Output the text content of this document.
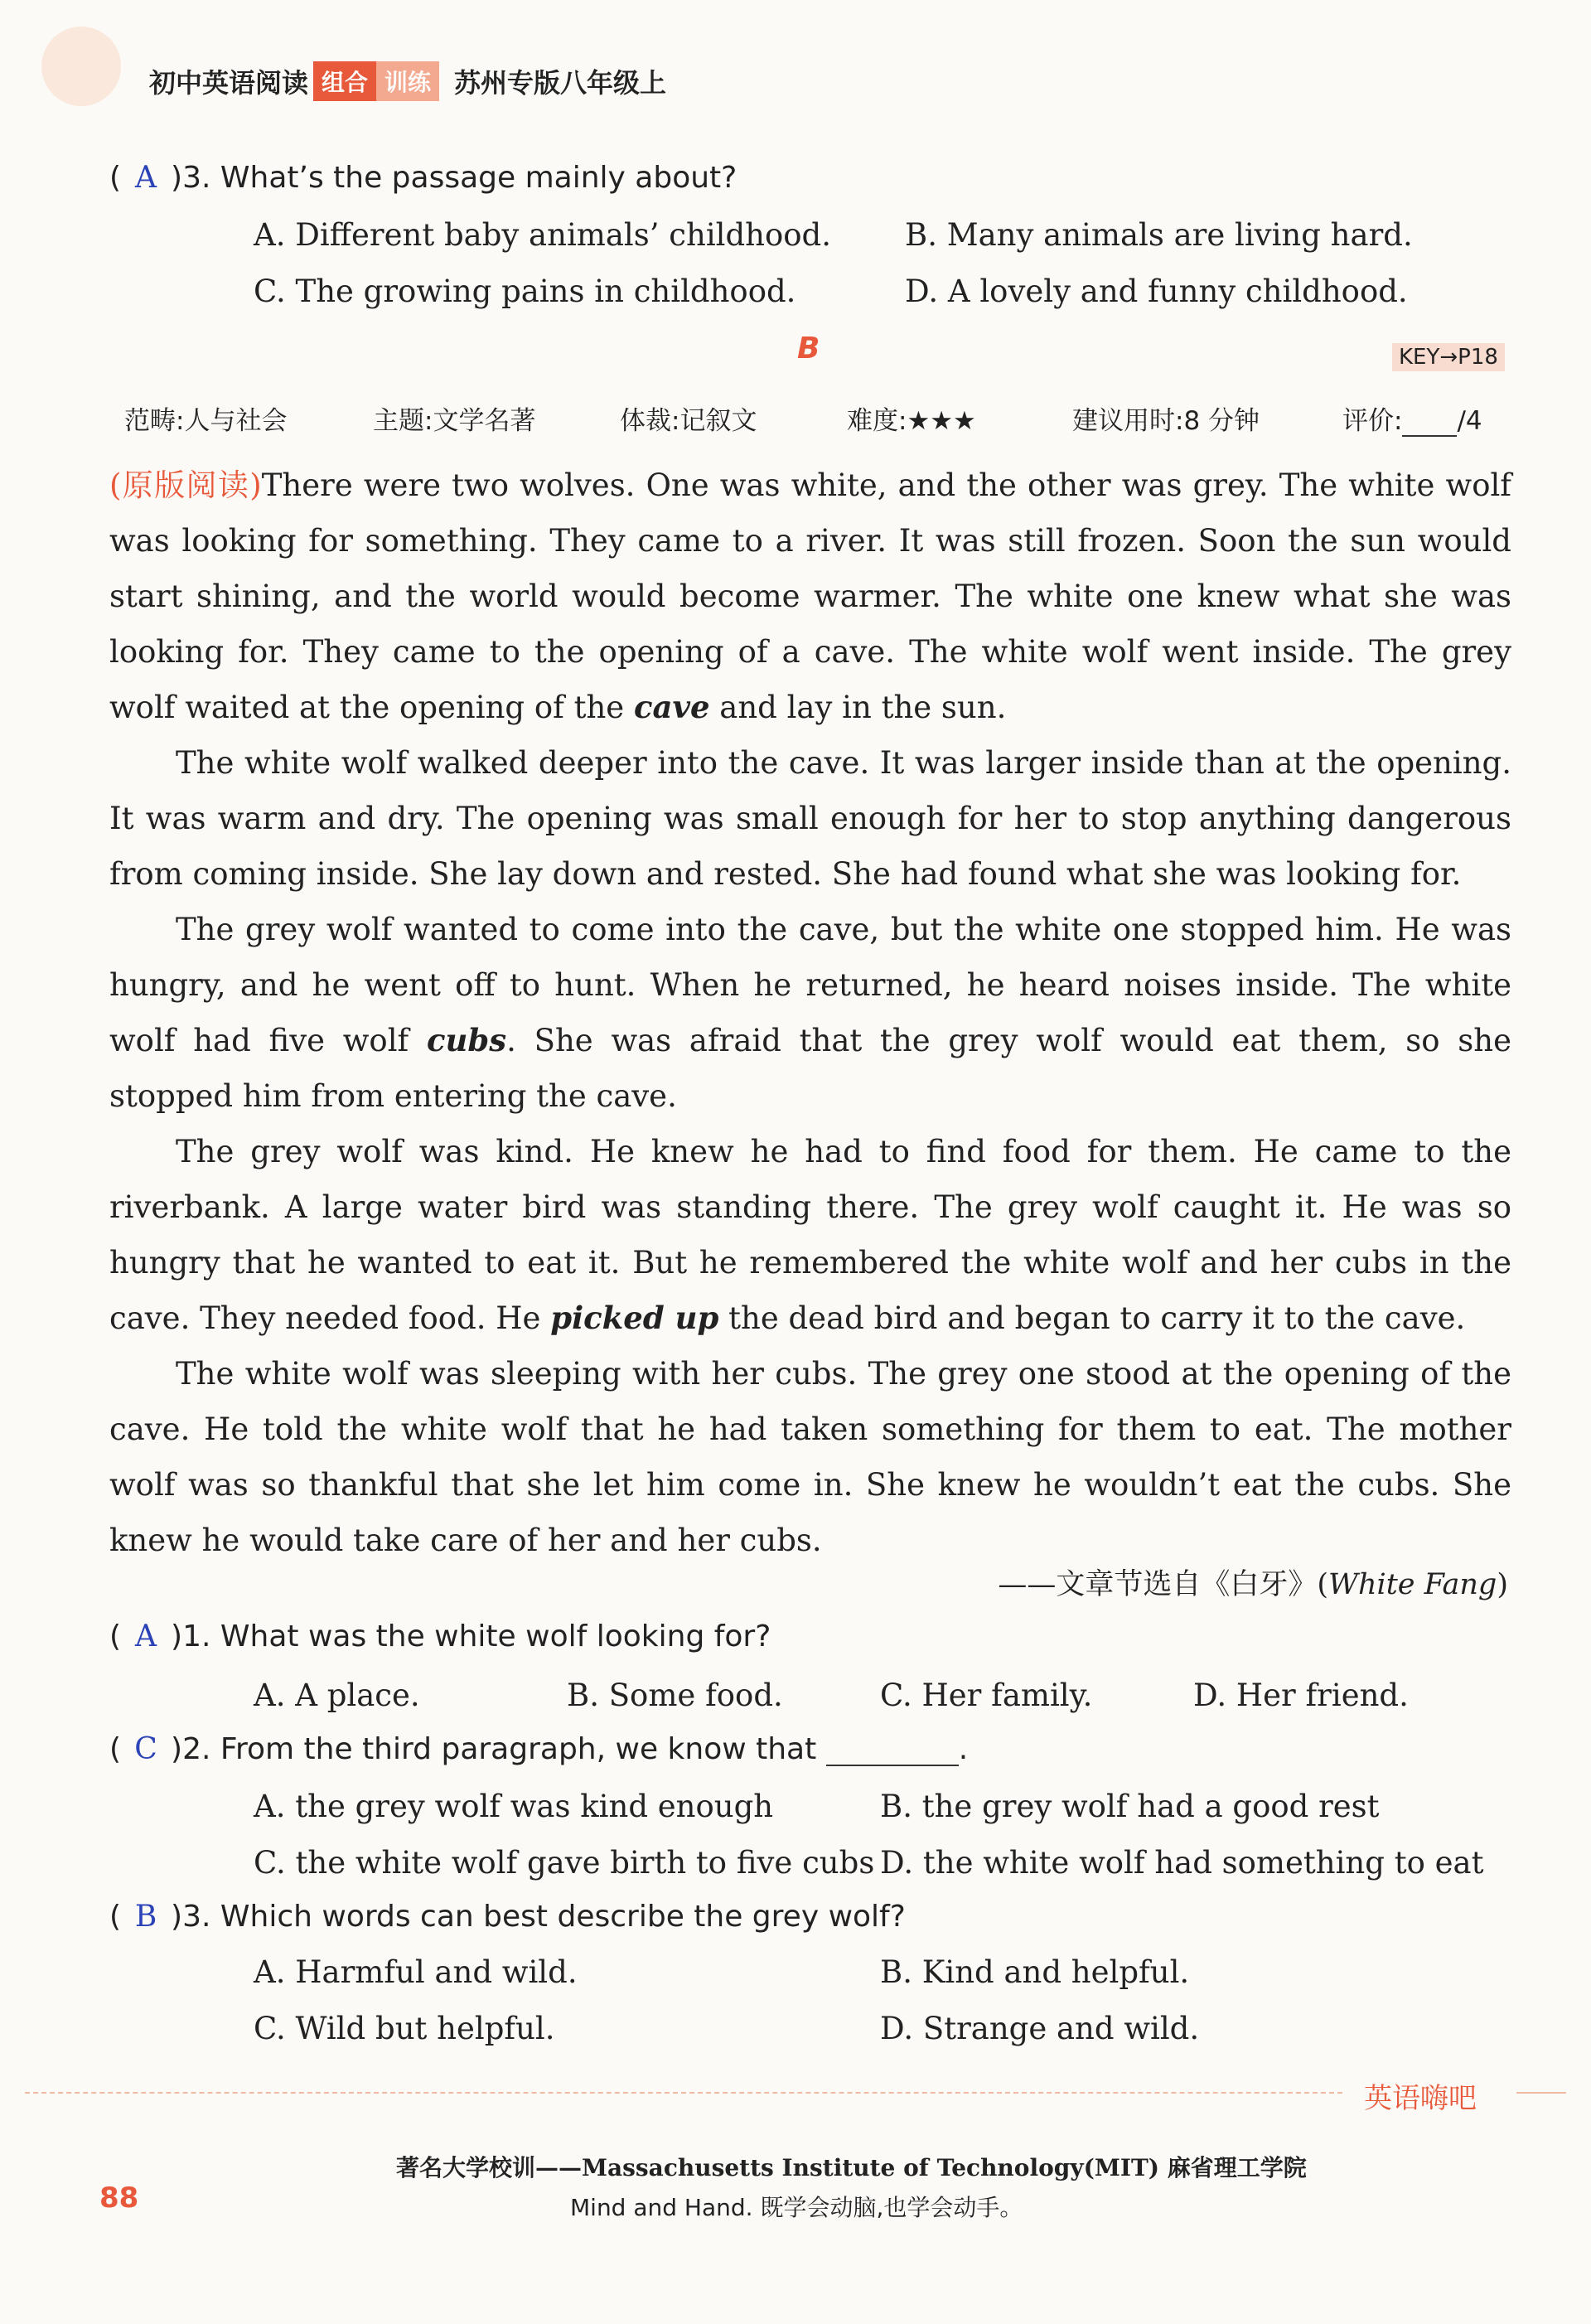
初中英语阅读 组合 训练 苏州专版八年级上
( A )3. What’s the passage mainly about?
A. Different baby animals’ childhood. B. Many animals are living hard.
C. The growing pains in childhood.	D. A lovely and funny childhood.
B	KEY→P18
范畴:人与社会	主题:文学名著	体裁:记叙文	难度:★★★	建议用时:8 分钟	评价: /4

(原版阅读)There were two wolves. One was white, and the other was grey. The white wolf was looking for something. They came to a river. It was still frozen. Soon the sun would start shining, and the world would become warmer. The white one knew what she was looking for. They came to the opening of a cave. The white wolf went inside. The grey wolf waited at the opening of the cave and lay in the sun.

The white wolf walked deeper into the cave. It was larger inside than at the opening. It was warm and dry. The opening was small enough for her to stop anything dangerous from coming inside. She lay down and rested. She had found what she was looking for.

The grey wolf wanted to come into the cave, but the white one stopped him. He was hungry, and he went off to hunt. When he returned, he heard noises inside. The white wolf had five wolf cubs. She was afraid that the grey wolf would eat them, so she stopped him from entering the cave.

The grey wolf was kind. He knew he had to find food for them. He came to the riverbank. A large water bird was standing there. The grey wolf caught it. He was so hungry that he wanted to eat it. But he remembered the white wolf and her cubs in the cave. They needed food. He picked up the dead bird and began to carry it to the cave.

The white wolf was sleeping with her cubs. The grey one stood at the opening of the cave. He told the white wolf that he had taken something for them to eat. The mother wolf was so thankful that she let him come in. She knew he wouldn’t eat the cubs. She knew he would take care of her and her cubs.

——文章节选自《白牙》(White Fang)
( A )1. What was the white wolf looking for?
A. A place.	B. Some food.	C. Her family.	D. Her friend.
( C )2. From the third paragraph, we know that	.
A. the grey wolf was kind enough	B. the grey wolf had a good rest
C. the white wolf gave birth to five cubs D. the white wolf had something to eat
( B )3. Which words can best describe the grey wolf?
A. Harmful and wild.	B. Kind and helpful.
C. Wild but helpful.	D. Strange and wild.
英语嗨吧
著名大学校训——Massachusetts Institute of Technology(MIT) 麻省理工学院
Mind and Hand. 既学会动脑,也学会动手。
88
